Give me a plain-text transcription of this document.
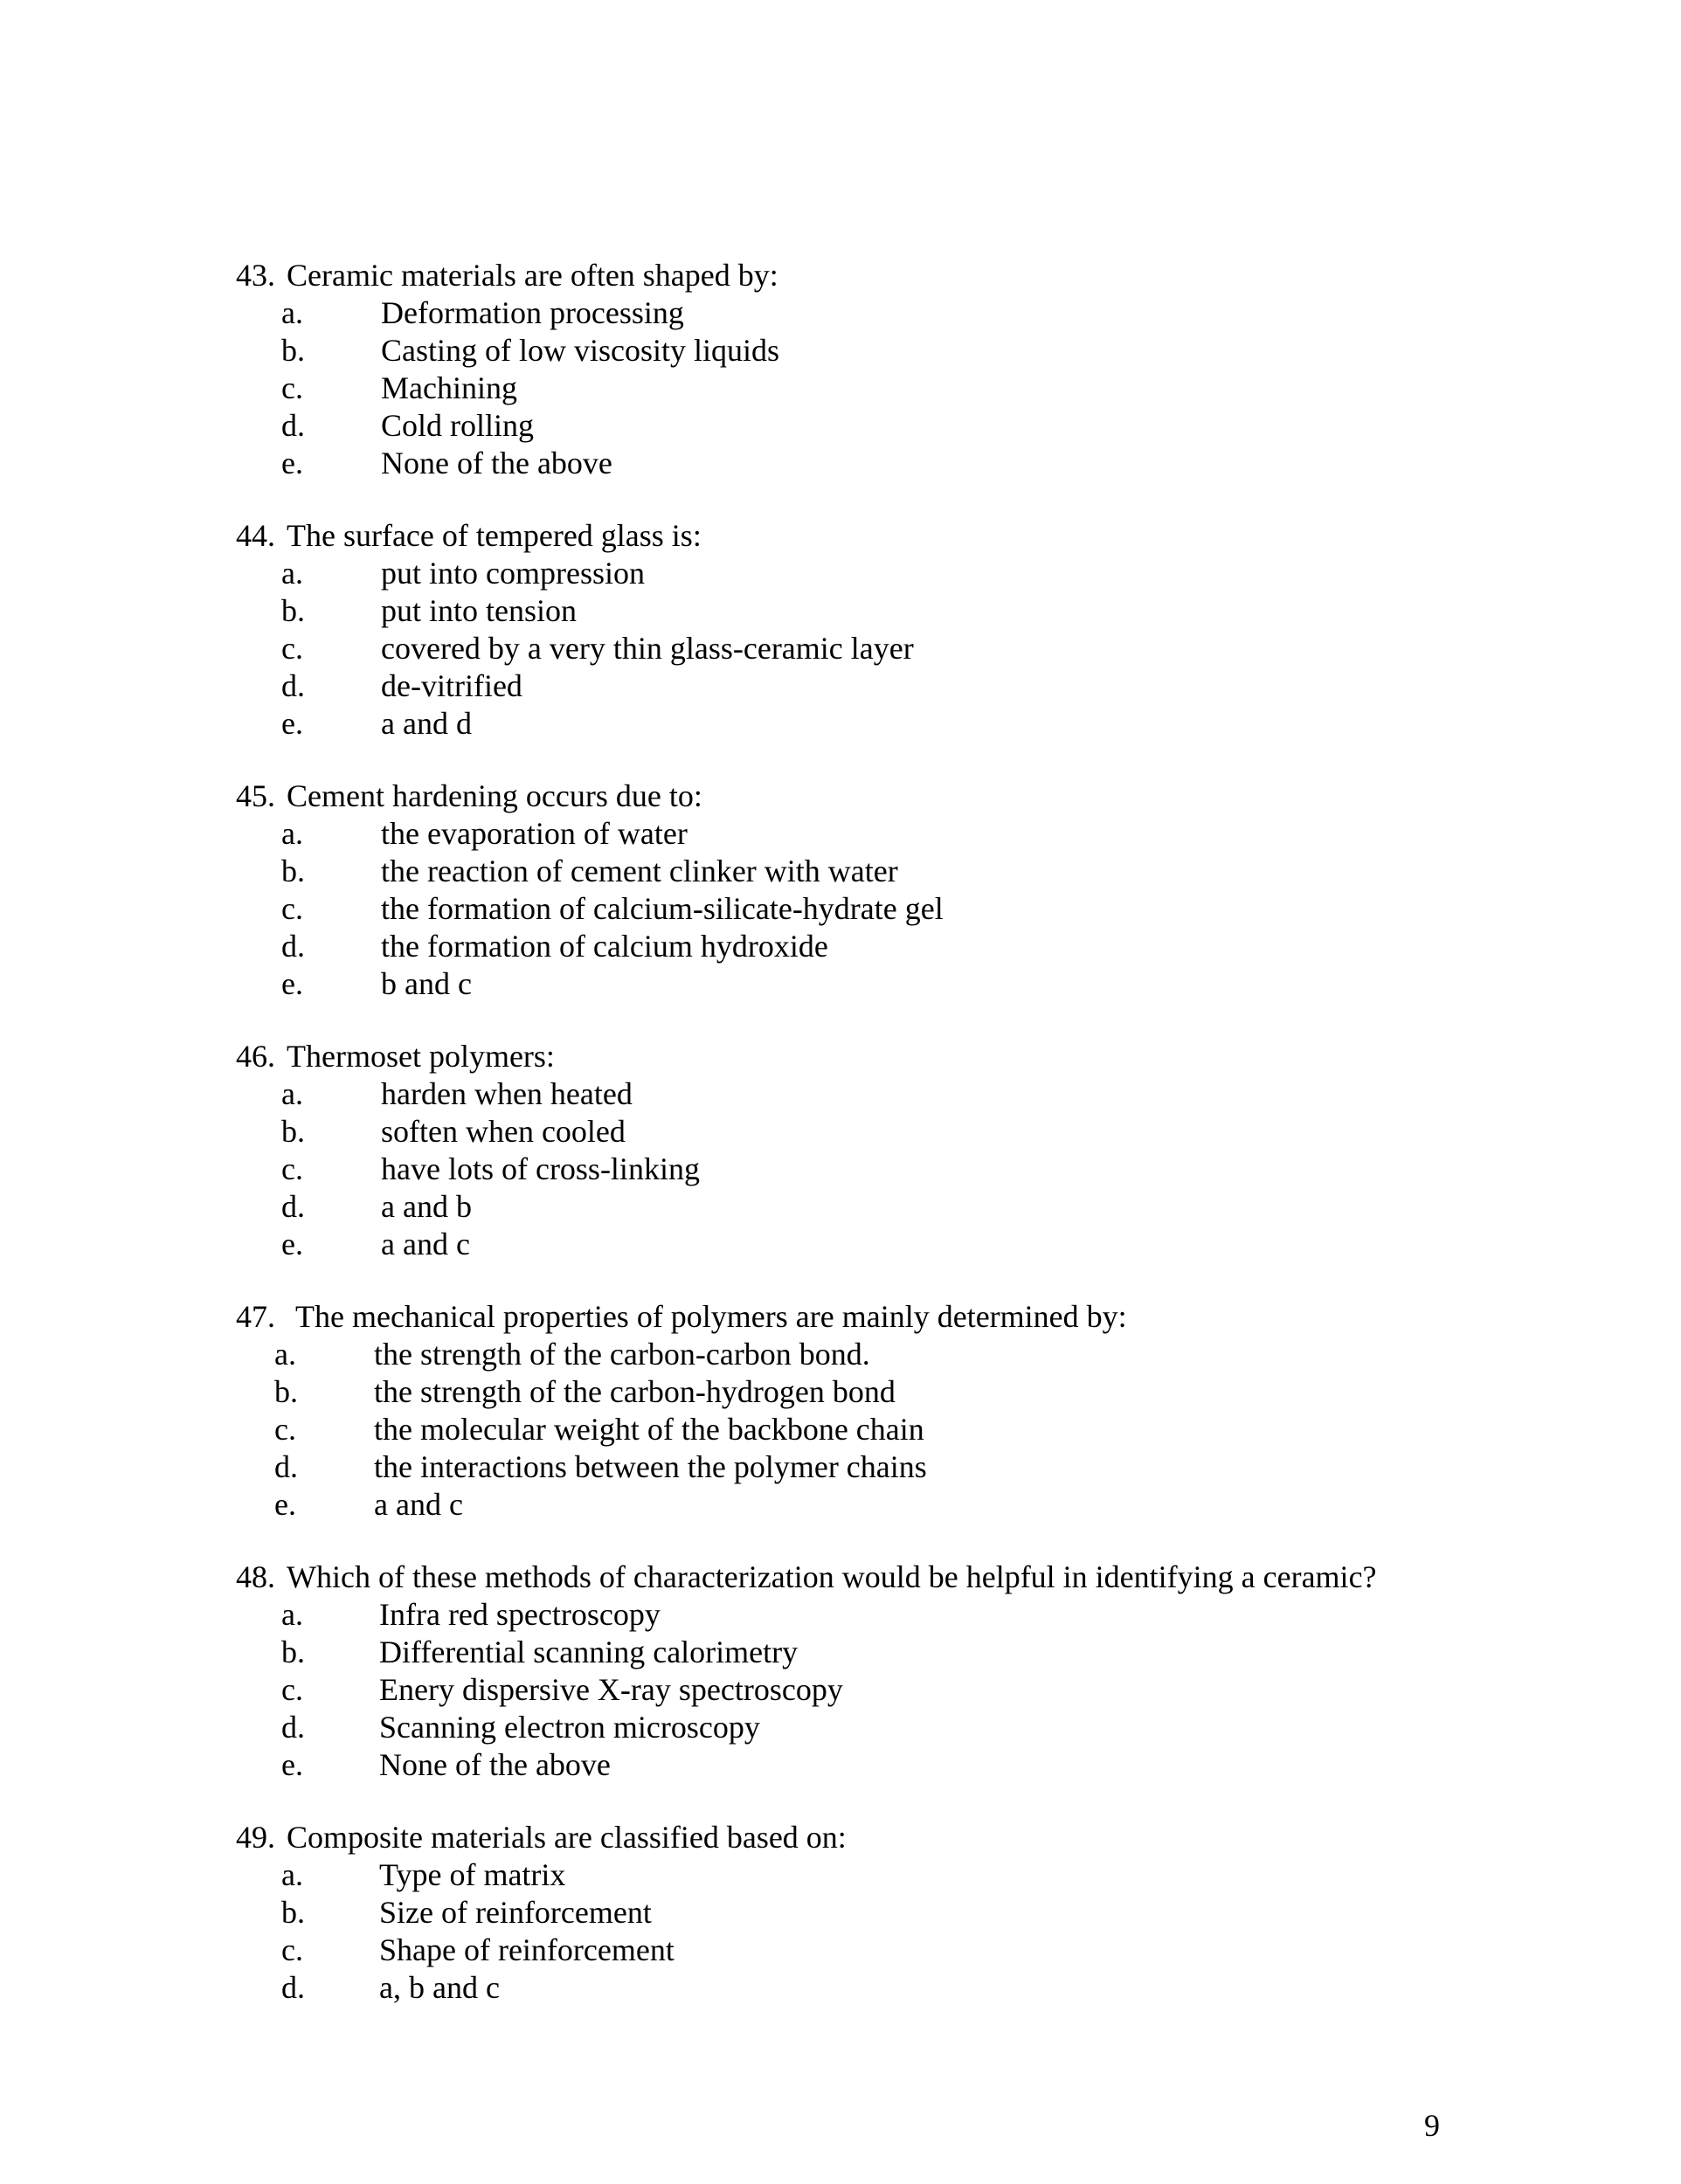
43. Ceramic materials are often shaped by:
a. Deformation processing
b. Casting of low viscosity liquids
c. Machining
d. Cold rolling
e. None of the above
44. The surface of tempered glass is:
a. put into compression
b. put into tension
c. covered by a very thin glass-ceramic layer
d. de-vitrified
e. a and d
45. Cement hardening occurs due to:
a. the evaporation of water
b. the reaction of cement clinker with water
c. the formation of calcium-silicate-hydrate gel
d. the formation of calcium hydroxide
e. b and c
46. Thermoset polymers:
a. harden when heated
b. soften when cooled
c. have lots of cross-linking
d. a and b
e. a and c
47. The mechanical properties of polymers are mainly determined by:
a. the strength of the carbon-carbon bond.
b. the strength of the carbon-hydrogen bond
c. the molecular weight of the backbone chain
d. the interactions between the polymer chains
e. a and c
48. Which of these methods of characterization would be helpful in identifying a ceramic?
a. Infra red spectroscopy
b. Differential scanning calorimetry
c. Enery dispersive X-ray spectroscopy
d. Scanning electron microscopy
e. None of the above
49. Composite materials are classified based on:
a. Type of matrix
b. Size of reinforcement
c. Shape of reinforcement
d. a, b and c
9
